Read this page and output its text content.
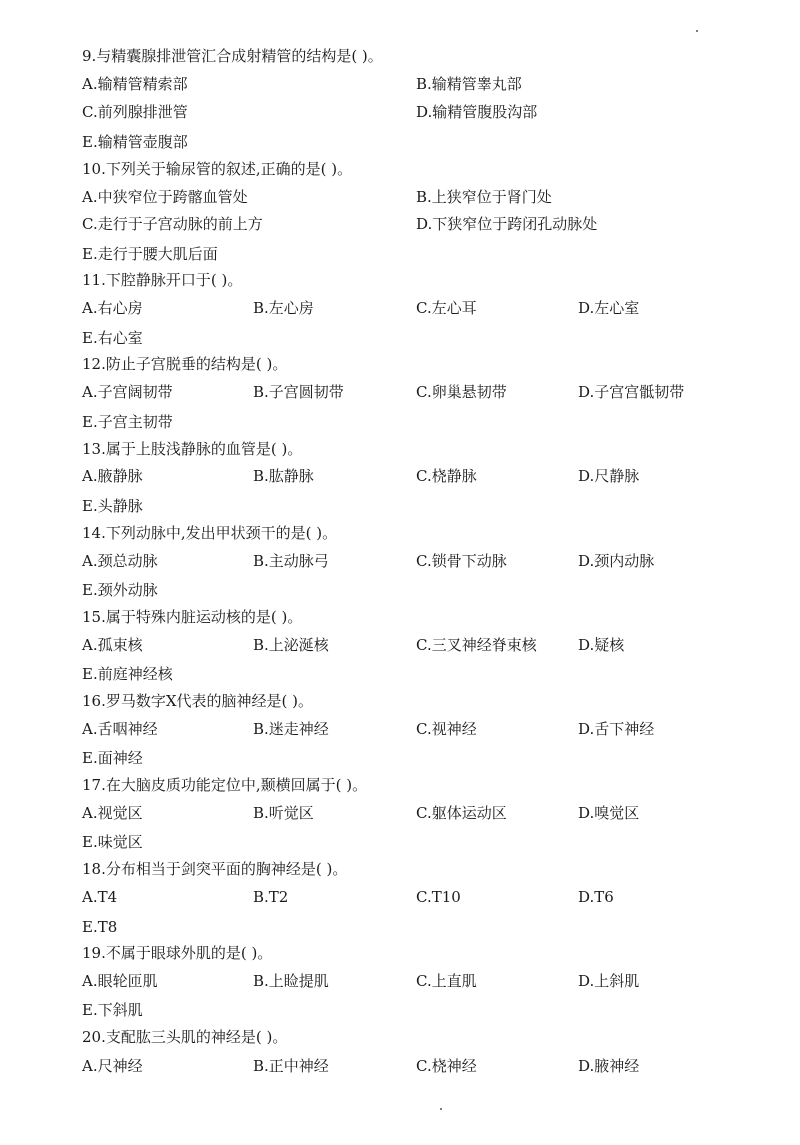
9.与精囊腺排泄管汇合成射精管的结构是( )。
A.输精管精索部	B.输精管睾丸部
C.前列腺排泄管	D.输精管腹股沟部
E.输精管壶腹部
10.下列关于输尿管的叙述,正确的是( )。
A.中狭窄位于跨髂血管处	B.上狭窄位于肾门处
C.走行于子宫动脉的前上方	D.下狭窄位于跨闭孔动脉处
E.走行于腰大肌后面
11.下腔静脉开口于( )。
A.右心房	B.左心房	C.左心耳	D.左心室
E.右心室
12.防止子宫脱垂的结构是( )。
A.子宫阔韧带	B.子宫圆韧带	C.卵巢悬韧带	D.子宫宫骶韧带
E.子宫主韧带
13.属于上肢浅静脉的血管是( )。
A.腋静脉	B.肱静脉	C.桡静脉	D.尺静脉
E.头静脉
14.下列动脉中,发出甲状颈干的是( )。
A.颈总动脉	B.主动脉弓	C.锁骨下动脉	D.颈内动脉
E.颈外动脉
15.属于特殊内脏运动核的是( )。
A.孤束核	B.上泌涎核	C.三叉神经脊束核	D.疑核
E.前庭神经核
16.罗马数字X代表的脑神经是( )。
A.舌咽神经	B.迷走神经	C.视神经	D.舌下神经
E.面神经
17.在大脑皮质功能定位中,颞横回属于( )。
A.视觉区	B.听觉区	C.躯体运动区	D.嗅觉区
E.味觉区
18.分布相当于剑突平面的胸神经是( )。
A.T4	B.T2	C.T10	D.T6
E.T8
19.不属于眼球外肌的是( )。
A.眼轮匝肌	B.上睑提肌	C.上直肌	D.上斜肌
E.下斜肌
20.支配肱三头肌的神经是( )。
A.尺神经	B.正中神经	C.桡神经	D.腋神经
